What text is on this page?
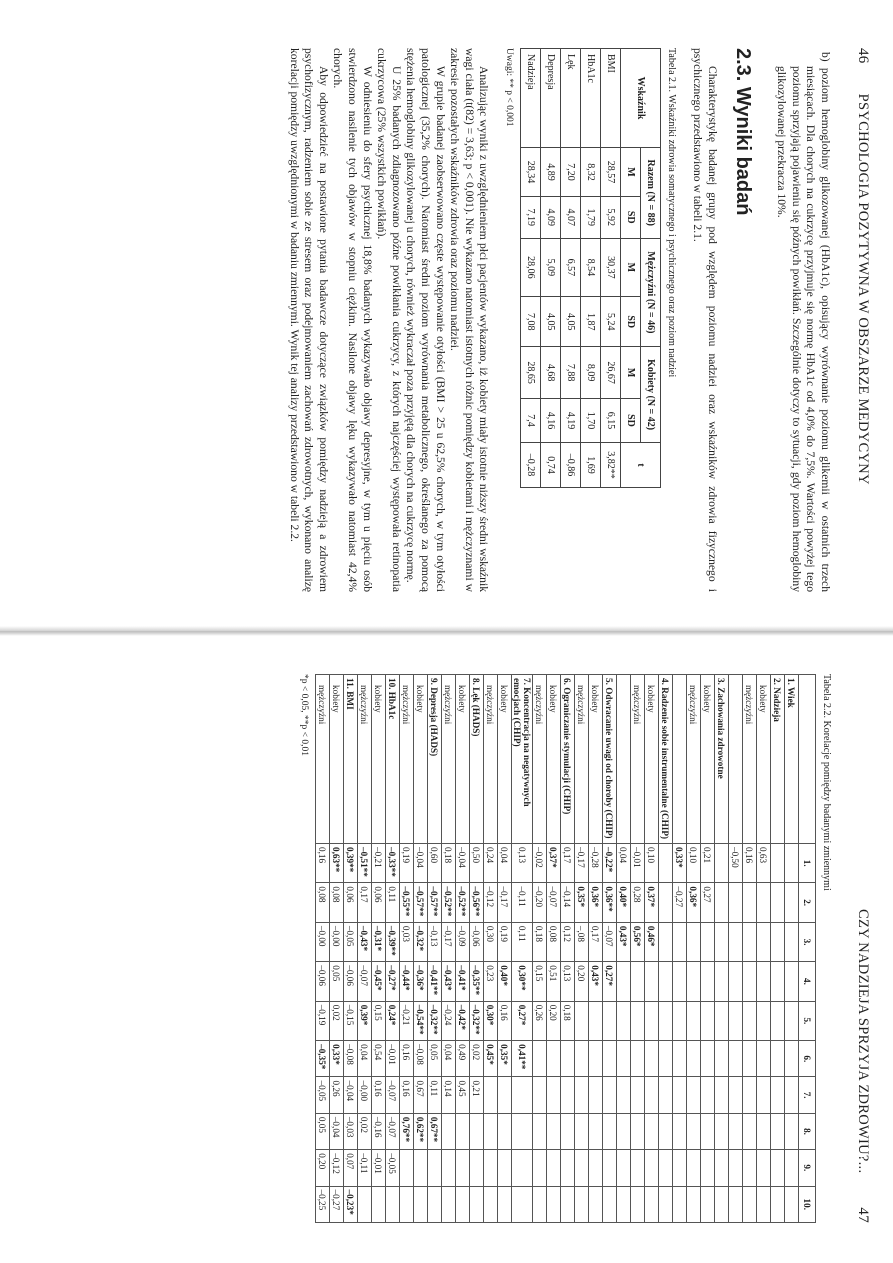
46
PSYCHOLOGIA POZYTYWNA W OBSZARZE MEDYCYNY

b) poziom hemoglobiny glikozowanej (HbA1c), opisujący wyrównanie poziomu glikemii w ostatnich trzech miesiącach. Dla chorych na cukrzycę przyjmuje się normę HbA1c od 4,0% do 7,5%. Wartości powyżej tego poziomu sprzyjają pojawieniu się późnych powikłań. Szczególnie dotyczy to sytuacji, gdy poziom hemoglobiny glikozylowanej przekracza 10%.

2.3. Wyniki badań

Charakterystykę badanej grupy pod względem poziomu nadziei oraz wskaźników zdrowia fizycznego i psychicznego przedstawiono w tabeli 2.1.

Tabela 2.1. Wskaźniki zdrowia somatycznego i psychicznego oraz poziom nadziei
Wskaźnik	Razem (N = 88)		Mężczyźni (N = 46)		Kobiety (N = 42)		t
	M	SD	M	SD	M	SD	
BMI	28,57	5,92	30,37	5,24	26,67	6,15	3,82**
HbA1c	8,32	1,79	8,54	1,87	8,09	1,70	1,69
Lęk	7,20	4,07	6,57	4,05	7,88	4,19	–0,86
Depresja	4,89	4,09	5,09	4,05	4,68	4,16	0,74
Nadzieja	28,34	7,19	28,06	7,08	28,65	7,4	–0,28
Uwagi: ** p < 0,001

Analizując wyniki z uwzględnieniem płci pacjentów wykazano, iż kobiety miały istotnie niższy średni wskaźnik wagi ciała (t(82) = 3,63; p < 0,001). Nie wykazano natomiast istotnych różnic pomiędzy kobietami i mężczyznami w zakresie pozostałych wskaźników zdrowia oraz poziomu nadziei.

W grupie badanej zaobserwowano częste występowanie otyłości (BMI > 25 u 62,5% chorych, w tym otyłości patologicznej (35,2% chorych). Natomiast średni poziom wyrównania metabolicznego, określanego za pomocą stężenia hemoglobiny glikozylowanej u chorych, również wykraczał poza przyjętą dla chorych na cukrzycę normę.

U 25% badanych zdiagnozowano późne powikłania cukrzycy, z których najczęściej występowała retinopatia cukrzycowa (25% wszystkich powikłań).

W odniesieniu do sfery psychicznej 18,8% badanych wykazywało objawy depresyjne, w tym u pięciu osób stwierdzono nasilenie tych objawów w stopniu ciężkim. Nasilone objawy lęku wykazywało natomiast 42,4% chorych.

Aby odpowiedzieć na postawione pytania badawcze dotyczące związków pomiędzy nadzieją a zdrowiem psychofizycznym, radzeniem sobie ze stresem oraz podejmowaniem zachowań zdrowotnych, wykonano analizę korelacji pomiędzy uwzględnionymi w badaniu zmiennymi. Wynik tej analizy przedstawiono w tabeli 2.2.

CZY NADZIEJA SPRZYJA ZDROWIU?...
47
Tabela 2.2. Korelacje pomiędzy badanymi zmiennymi
	1.	2.	3.	4.	5.	6.	7.	8.	9.	10.
1. Wiek										
2. Nadzieja										
kobiety	0,63									
mężczyźni	0,16									
	–0,50									
3. Zachowania zdrowotne										
kobiety	0,21	0,27								
mężczyźni	0,10	0,36*								
	0,33*	–0,27								
4. Radzenie sobie instrumentalne (CHIP)										
kobiety	0,10	0,37*	0,46*							
mężczyźni	–0,01	0,28	0,56*							
	0,04	0,40*	0,43*							
5. Odwracanie uwagi od choroby (CHIP)	–0,22*	0,36**	–0,07	0,27*						
kobiety	–0,28	0,36*	0,17	0,43*						
mężczyźni	–0,17	0,35*	–,08	0,20						
6. Ograniczanie stymulacji (CHIP)	0,17	–0,14	0,12	0,13	0,18					
kobiety	0,37*	–0,07	0,08	0,51	0,20					
mężczyźni	–0,02	–0,20	0,18	0,15	0,26					
7. Koncentracja na negatywnych emocjach (CHIP)	0,13	–0,11	0,11	0,30**	0,27*	0,41**				
kobiety	0,04	–0,17	0,19	0,40*	0,16	0,35*				
mężczyźni	0,24	–0,12	0,30	0,23	0,30*	0,45*				
8. Lęk (HADS)	0,50	–0,56**	–0,06	–0,35**	–0,32**	0,02	0,21			
kobiety	–0,04	–0,52**	–0,09	–0,41*	–0,42*	0,49	0,45			
mężczyźni	0,18	–0,52**	–0,17	–0,43*	–0,24	0,04	0,14			
9. Depresja (HADS)	0,60	–0,57**	–0,13	–0,41**	–0,32**	0,05	0,11	0,67**		
kobiety	–0,04	–0,57**	–0,32*	–0,36*	–0,54**	–0,08	0,67	0,62**		
mężczyźni	0,19	–0,55**	0,03	–0,44*	–0,21	0,16	0,16	0,76**		
10. HbA1c	–0,33**	0,11	–0,39**	–0,27*	0,24*	–0,01	–0,07	–0,07	–0,05	
kobiety	–0,21	0,06	–0,31*	–0,45*	0,15	0,54	0,16	–0,16	–0,01	
mężczyźni	–0,51**	0,17	–0,43*	–0,07	0,39*	0,04	–0,00	0,02	–0,11	
11. BMI	0,39**	0,06	–0,05	–0,06	–0,15	–0,08	–0,04	–0,03	0,07	–0,23*
kobiety	0,63**	0,08	–0,00	0,05	0,02	0,33*	0,26	–0,04	–0,12	–0,27
mężczyźni	0,16	0,08	–0,00	–0,06	–0,19	–0,35*	–0,05	0,05	0,20	–0,25
*p < 0,05, **p < 0,01
